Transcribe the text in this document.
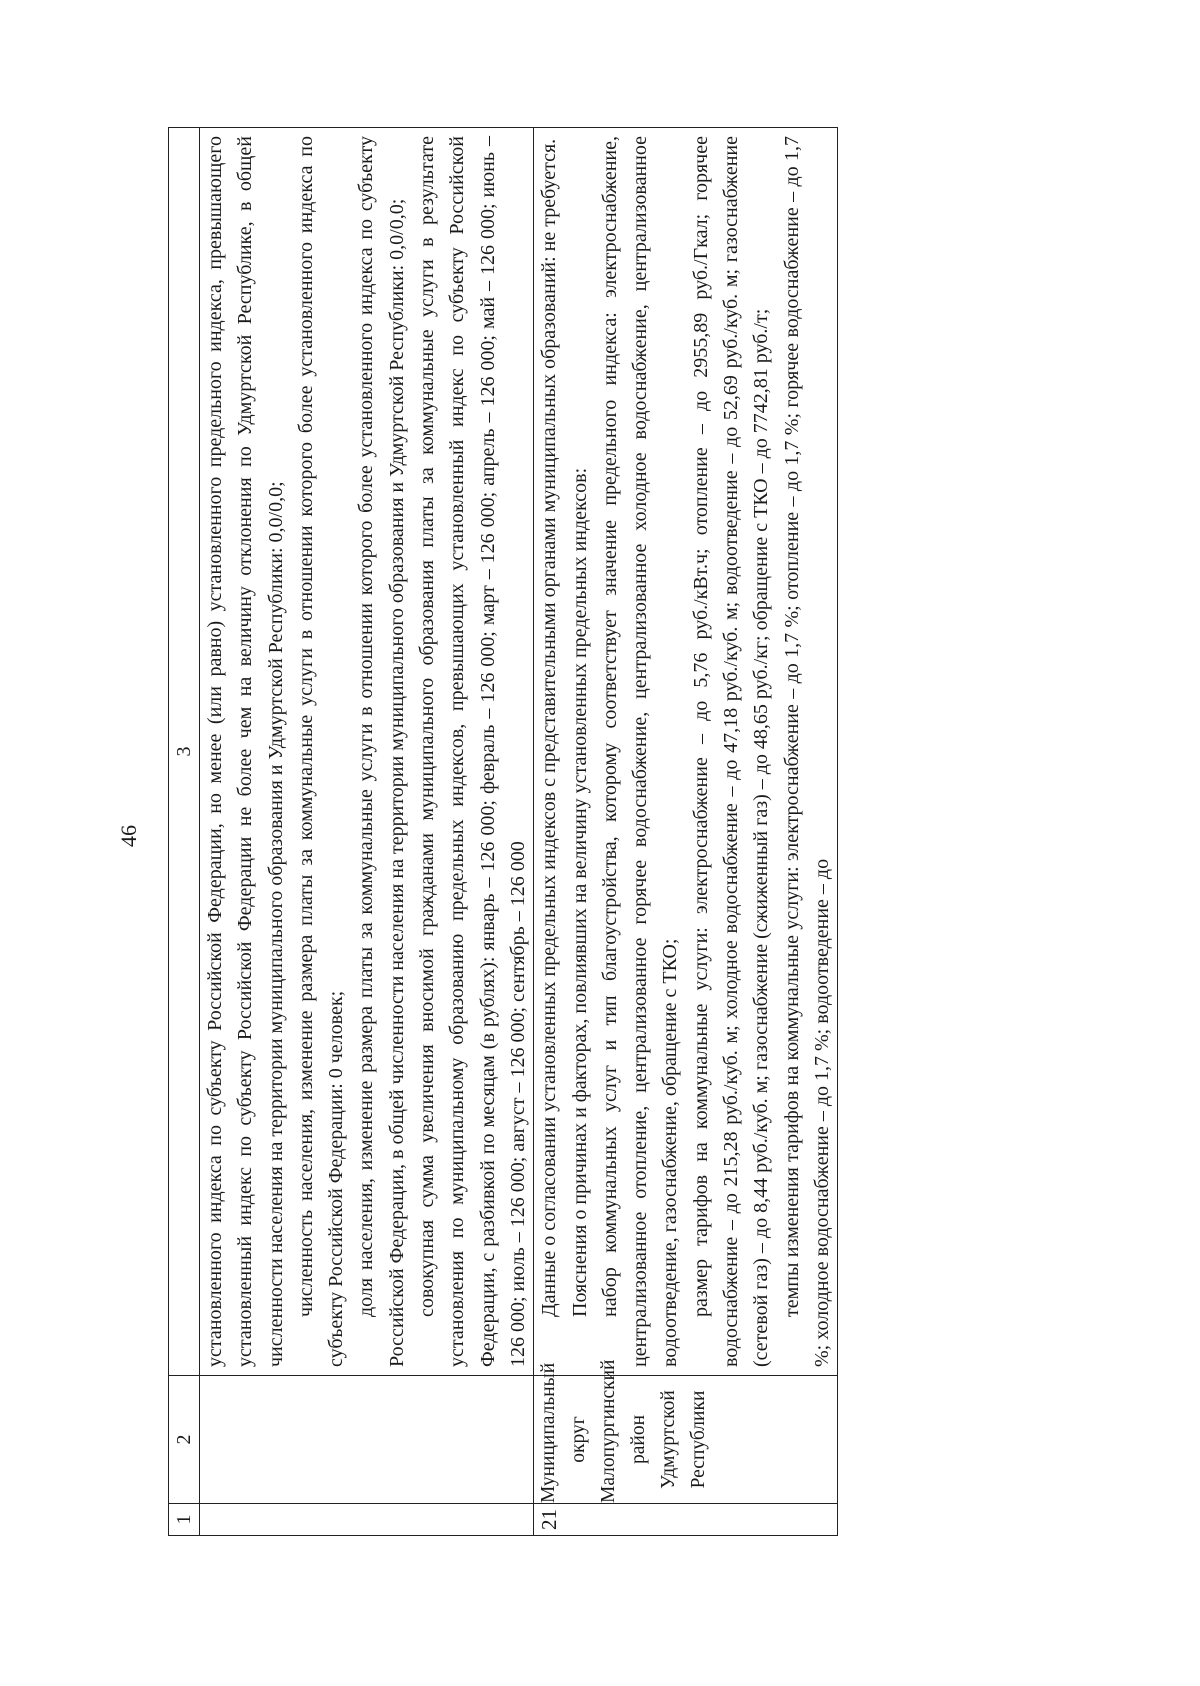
46
1	2	3

		установленного индекса по субъекту Российской Федерации, но менее (или равно) установленного предельного индекса, превышающего установленный индекс по субъекту Российской Федерации не более чем на величину отклонения по Удмуртской Республике, в общей численности населения на территории муниципального образования и Удмуртской Республики: 0,0/0,0; численность населения, изменение размера платы за коммунальные услуги в отношении которого более установленного индекса по субъекту Российской Федерации: 0 человек; доля населения, изменение размера платы за коммунальные услуги в отношении которого более установленного индекса по субъекту Российской Федерации, в общей численности населения на территории муниципального образования и Удмуртской Республики: 0,0/0,0; совокупная сумма увеличения вносимой гражданами муниципального образования платы за коммунальные услуги в результате установления по муниципальному образованию предельных индексов, превышающих установленный индекс по субъекту Российской Федерации, с разбивкой по месяцам (в рублях): январь – 126 000; февраль – 126 000; март – 126 000; апрель – 126 000; май – 126 000; июнь – 126 000; июль – 126 000; август – 126 000; сентябрь – 126 000

21	Муниципальный округ Малопургинский район Удмуртской Республики	Данные о согласовании установленных предельных индексов с представительными органами муниципальных образований: не требуется. Пояснения о причинах и факторах, повлиявших на величину установленных предельных индексов: набор коммунальных услуг и тип благоустройства, которому соответствует значение предельного индекса: электроснабжение, централизованное отопление, централизованное горячее водоснабжение, централизованное холодное водоснабжение, централизованное водоотведение, газоснабжение, обращение с ТКО; размер тарифов на коммунальные услуги: электроснабжение – до 5,76 руб./кВт.ч; отопление – до 2955,89 руб./Гкал; горячее водоснабжение – до 215,28 руб./куб. м; холодное водоснабжение – до 47,18 руб./куб. м; водоотведение – до 52,69 руб./куб. м; газоснабжение (сетевой газ) – до 8,44 руб./куб. м; газоснабжение (сжиженный газ) – до 48,65 руб./кг; обращение с ТКО – до 7742,81 руб./т; темпы изменения тарифов на коммунальные услуги: электроснабжение – до 1,7 %; отопление – до 1,7 %; горячее водоснабжение – до 1,7 %; холодное водоснабжение – до 1,7 %; водоотведение – до
